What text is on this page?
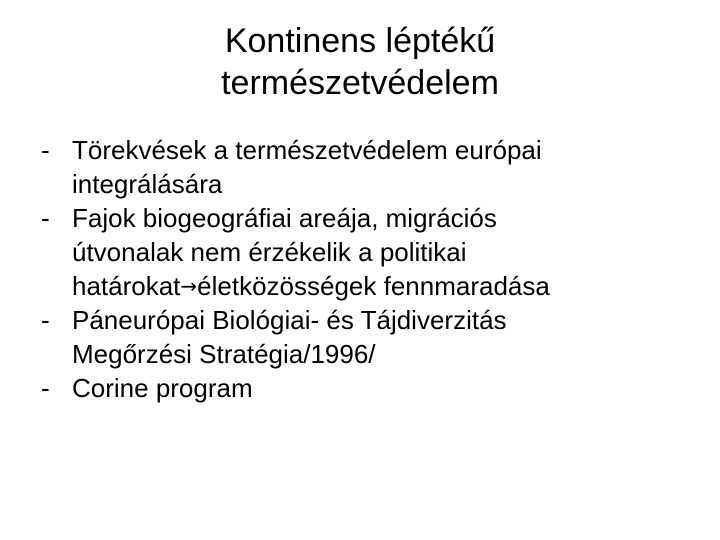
Kontinens léptékű
természetvédelem
- Törekvések a természetvédelem európai
integrálására
- Fajok biogeográfiai areája, migrációs
útvonalak nem érzékelik a politikai
határokat→életközösségek fennmaradása
- Páneurópai Biológiai- és Tájdiverzitás
Megőrzési Stratégia/1996/
- Corine program
